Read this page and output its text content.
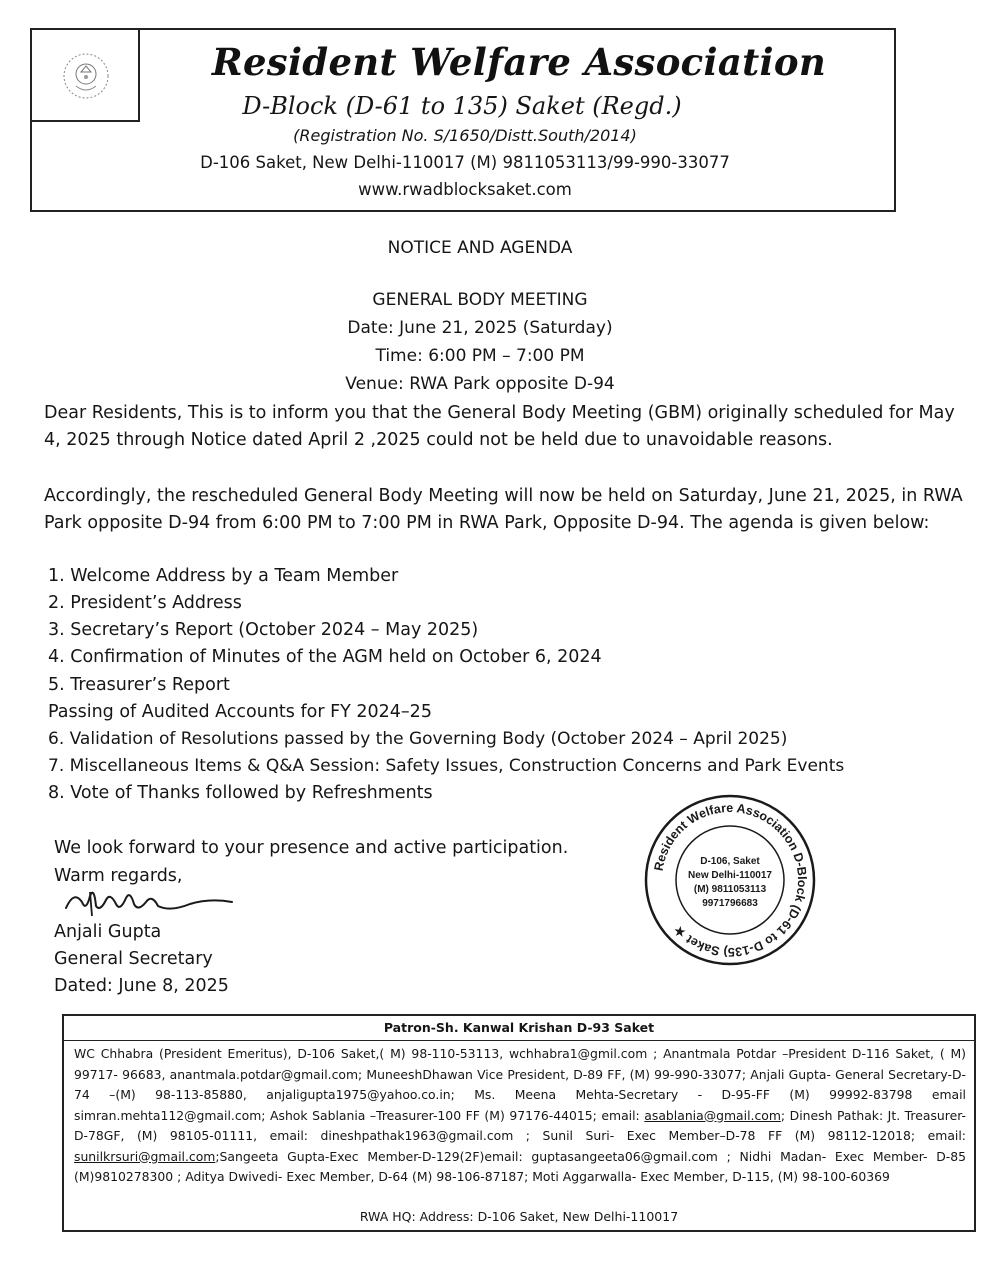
Resident Welfare Association
D-Block (D-61 to 135) Saket (Regd.)
(Registration No. S/1650/Distt.South/2014)
D-106 Saket, New Delhi-110017 (M) 9811053113/99-990-33077
www.rwadblocksaket.com
NOTICE AND AGENDA
GENERAL BODY MEETING
Date: June 21, 2025 (Saturday)
Time: 6:00 PM – 7:00 PM
Venue: RWA Park opposite D-94
Dear Residents, This is to inform you that the General Body Meeting (GBM) originally scheduled for May 4, 2025 through Notice dated April 2 ,2025 could not be held due to unavoidable reasons.
Accordingly, the rescheduled General Body Meeting will now be held on Saturday, June 21, 2025, in RWA Park opposite D-94 from 6:00 PM to 7:00 PM in RWA Park, Opposite D-94. The agenda is given below:
1. Welcome Address by a Team Member
2. President’s Address
3. Secretary’s Report (October 2024 – May 2025)
4. Confirmation of Minutes of the AGM held on October 6, 2024
5. Treasurer’s Report
Passing of Audited Accounts for FY 2024–25
6. Validation of Resolutions passed by the Governing Body (October 2024 – April 2025)
7. Miscellaneous Items & Q&A Session: Safety Issues, Construction Concerns and Park Events
8. Vote of Thanks followed by Refreshments
We look forward to your presence and active participation.
Warm regards,
Anjali Gupta
General Secretary
Dated: June 8, 2025
Resident Welfare Association D-Block (D-61 to D-135) Saket ★
D-106, Saket
New Delhi-110017
(M) 9811053113
9971796683
Patron-Sh. Kanwal Krishan D-93 Saket
WC Chhabra (President Emeritus), D-106 Saket,( M) 98-110-53113, wchhabra1@gmil.com ; Anantmala Potdar –President D-116 Saket, ( M) 99717- 96683, anantmala.potdar@gmail.com; MuneeshDhawan Vice President, D-89 FF, (M) 99-990-33077; Anjali Gupta- General Secretary-D-74 –(M) 98-113-85880, anjaligupta1975@yahoo.co.in; Ms. Meena Mehta-Secretary - D-95-FF (M) 99992-83798 email simran.mehta112@gmail.com; Ashok Sablania –Treasurer-100 FF (M) 97176-44015; email: asablania@gmail.com; Dinesh Pathak: Jt. Treasurer-D-78GF, (M) 98105-01111, email: dineshpathak1963@gmail.com ; Sunil Suri- Exec Member–D-78 FF (M) 98112-12018; email: sunilkrsuri@gmail.com;Sangeeta Gupta-Exec Member-D-129(2F)email: guptasangeeta06@gmail.com ; Nidhi Madan- Exec Member- D-85 (M)9810278300 ; Aditya Dwivedi- Exec Member, D-64 (M) 98-106-87187; Moti Aggarwalla- Exec Member, D-115, (M) 98-100-60369
RWA HQ: Address: D-106 Saket, New Delhi-110017
